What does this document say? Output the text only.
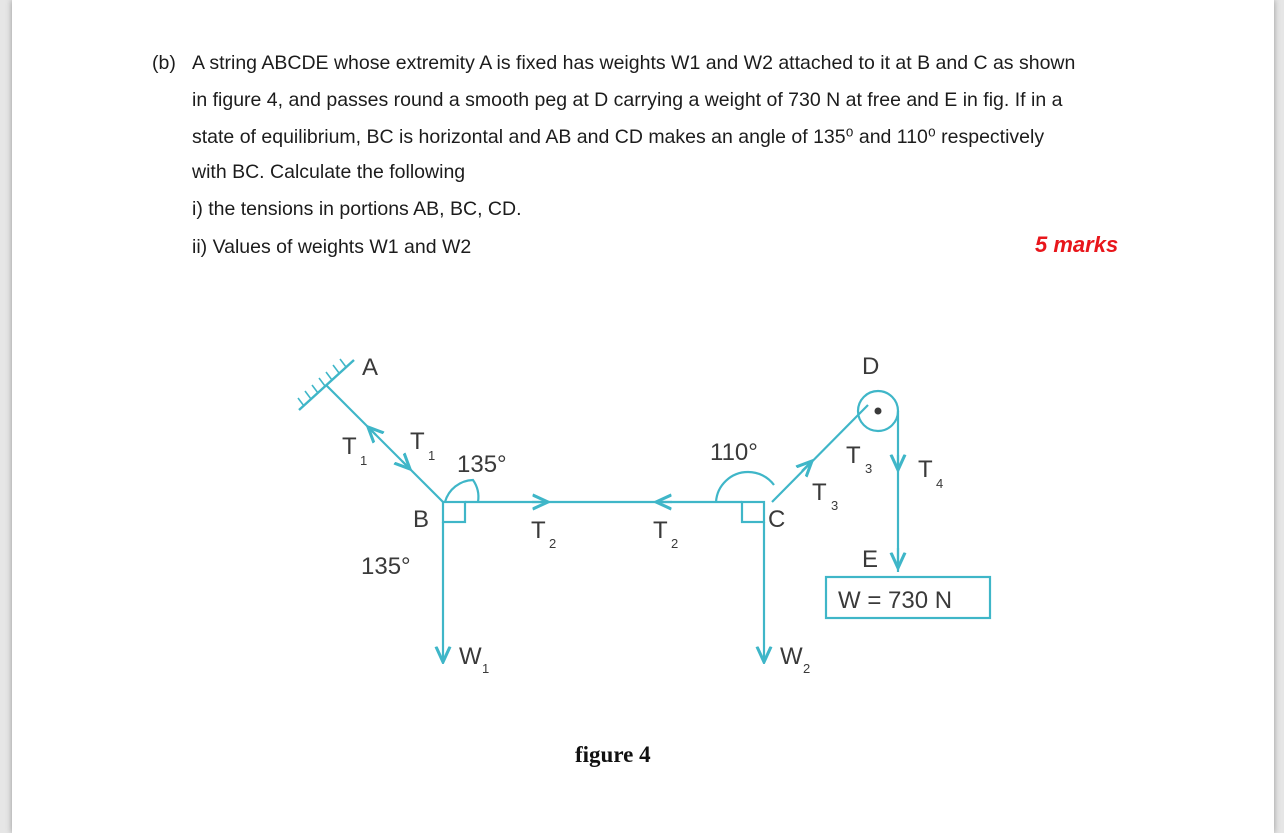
(b) A string ABCDE whose extremity A is fixed has weights W1 and W2 attached to it at B and C as shown
in figure 4, and passes round a smooth peg at D carrying a weight of 730 N at free and E in fig. If in a
state of equilibrium, BC is horizontal and AB and CD makes an angle of 135⁰ and 110⁰ respectively
with BC. Calculate the following
i) the tensions in portions AB, BC, CD.
ii) Values of weights W1 and W2	5 marks
A	D
B	C
E
T
1
T
1
T 2	T 2
T 3
T 3
T
4
135°
135°
110°
W 1	W 2
W = 730 N
figure 4
